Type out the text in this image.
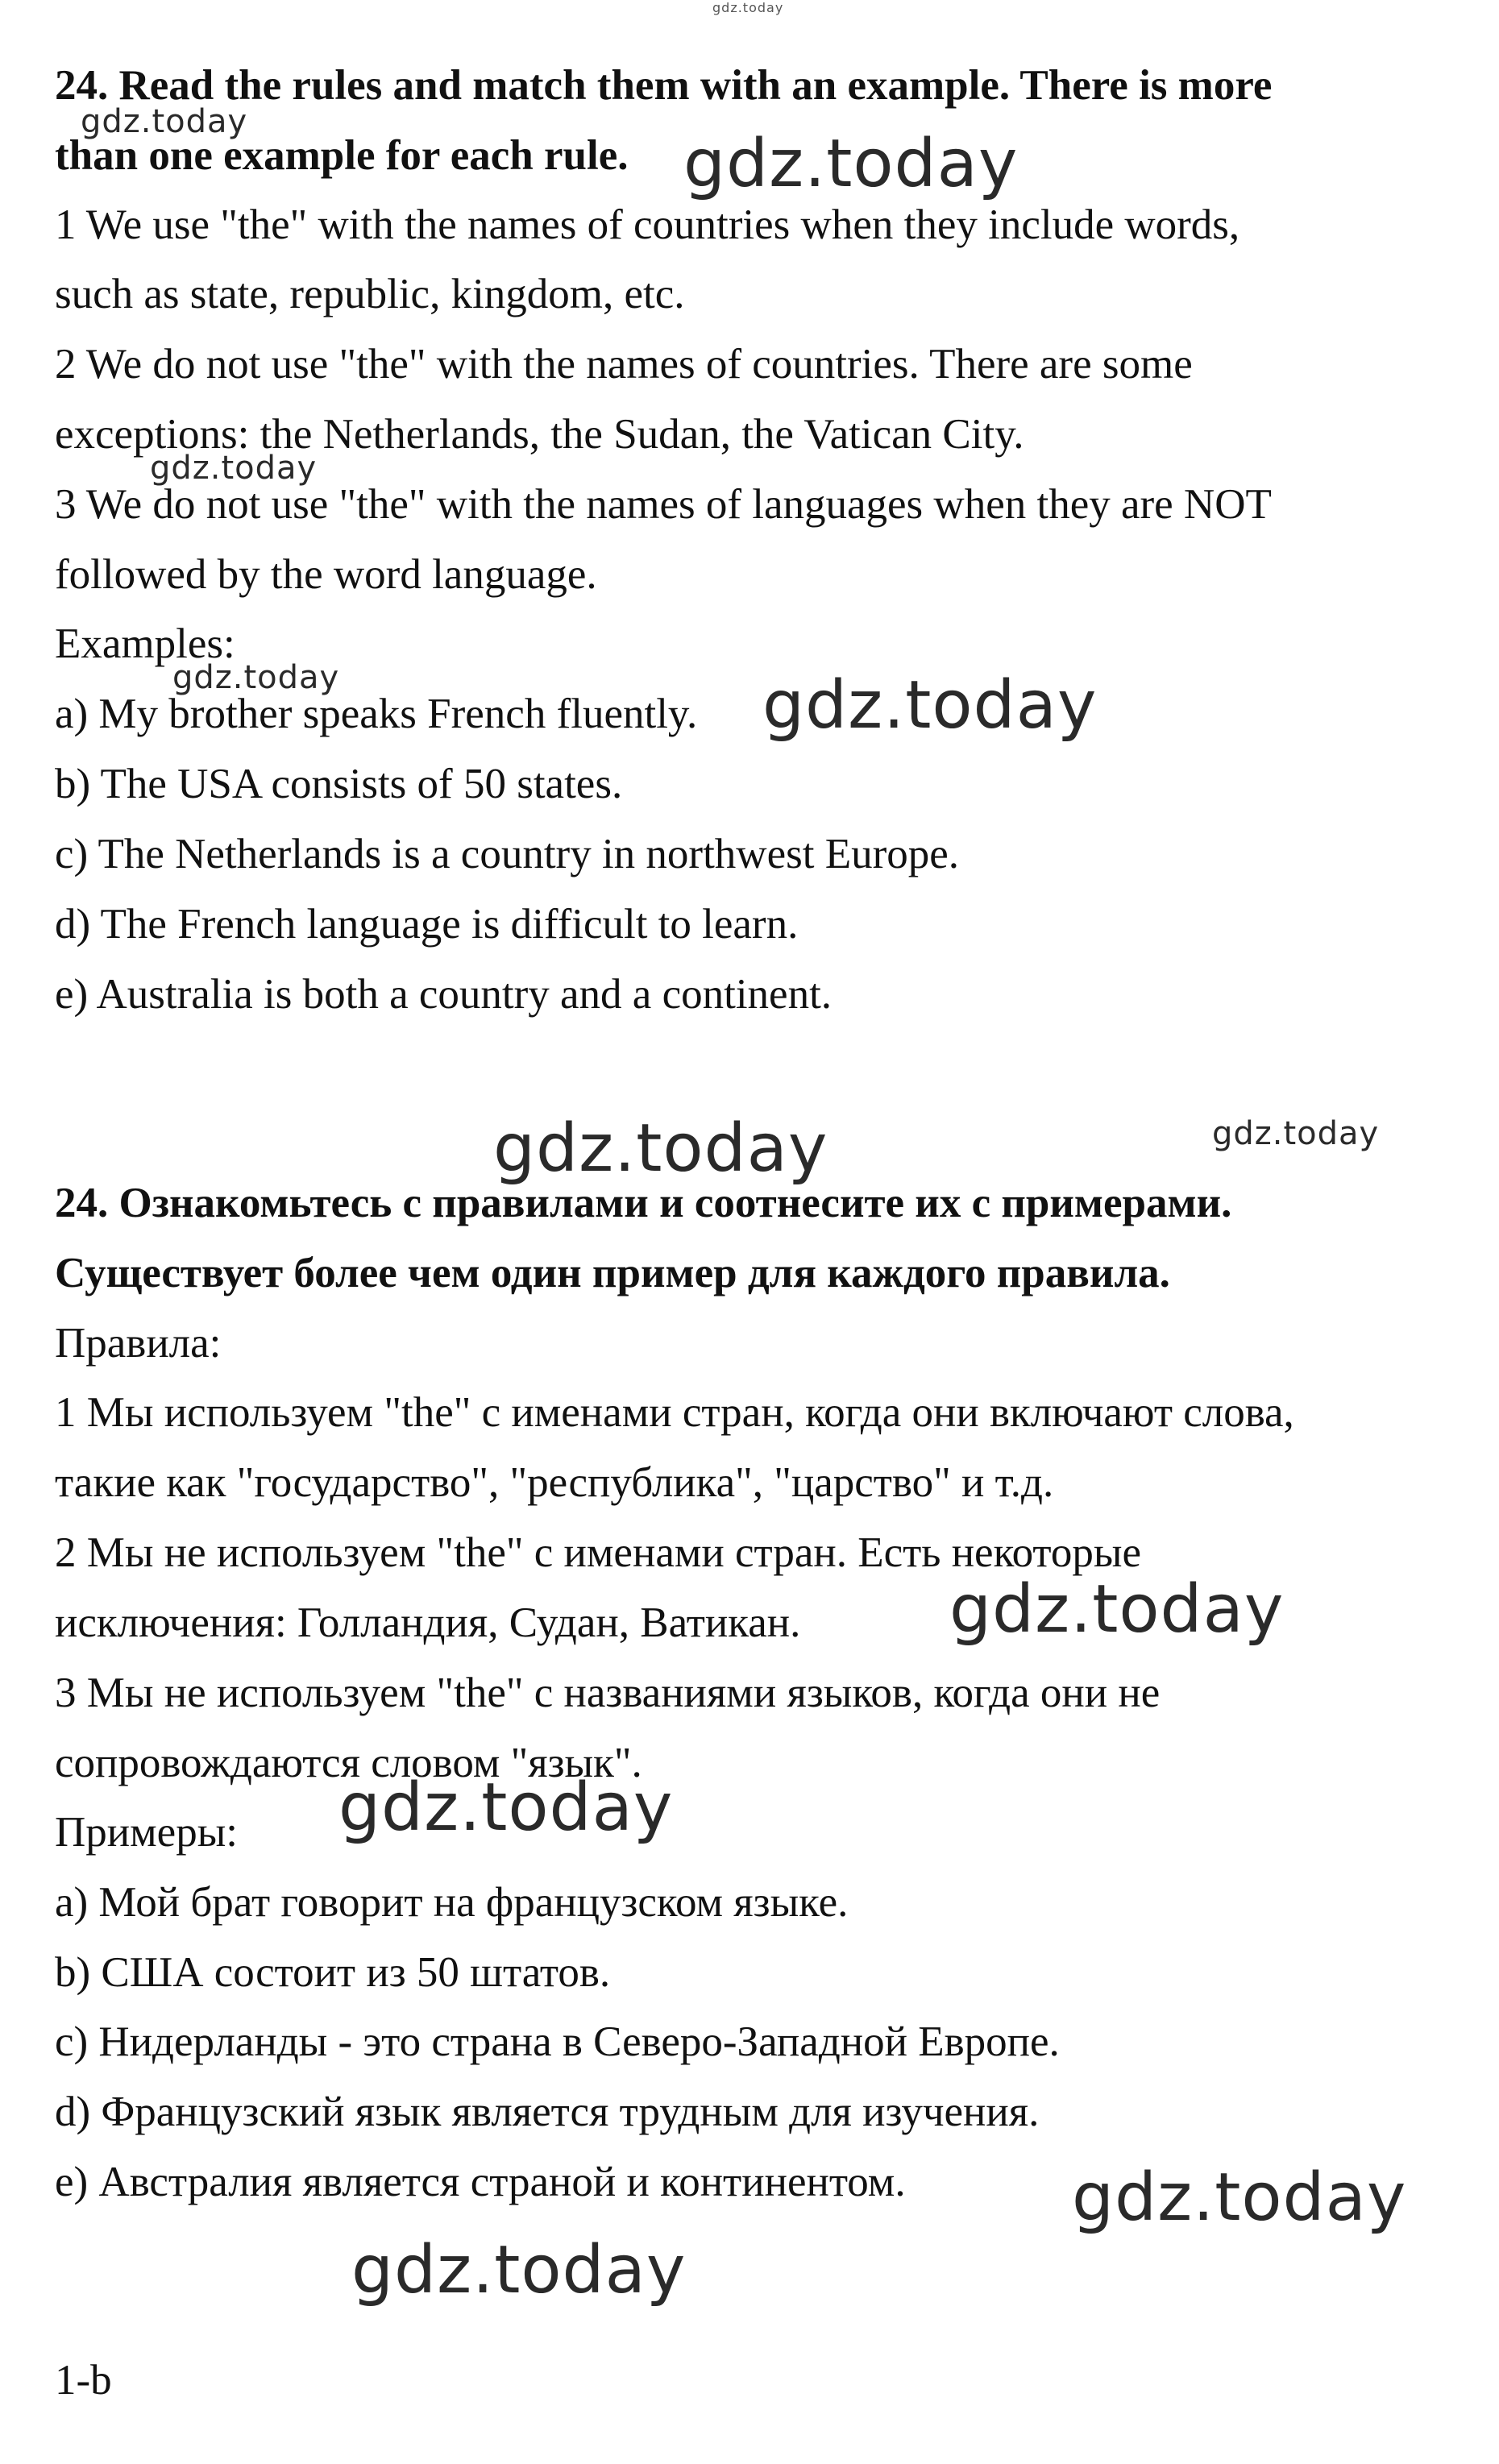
gdz.today
gdz.today
gdz.today
gdz.today
gdz.today	gdz.today
gdz.today	gdz.today
gdz.today
gdz.today
gdz.today
gdz.today
24. Read the rules and match them with an example. There is more
than one example for each rule.
1 We use "the" with the names of countries when they include words,
such as state, republic, kingdom, etc.
2 We do not use "the" with the names of countries. There are some
exceptions: the Netherlands, the Sudan, the Vatican City.
3 We do not use "the" with the names of languages when they are NOT
followed by the word language.
Examples:
a) My brother speaks French fluently.
b) The USA consists of 50 states.
c) The Netherlands is a country in northwest Europe.
d) The French language is difficult to learn.
e) Australia is both a country and a continent.
24. Ознакомьтесь с правилами и соотнесите их с примерами.
Существует более чем один пример для каждого правила.
Правила:
1 Мы используем "the" с именами стран, когда они включают слова,
такие как "государство", "республика", "царство" и т.д.
2 Мы не используем "the" с именами стран. Есть некоторые
исключения: Голландия, Судан, Ватикан.
3 Мы не используем "the" с названиями языков, когда они не
сопровождаются словом "язык".
Примеры:
a) Мой брат говорит на французском языке.
b) США состоит из 50 штатов.
c) Нидерланды - это страна в Северо-Западной Европе.
d) Французский язык является трудным для изучения.
e) Австралия является страной и континентом.
1-b
